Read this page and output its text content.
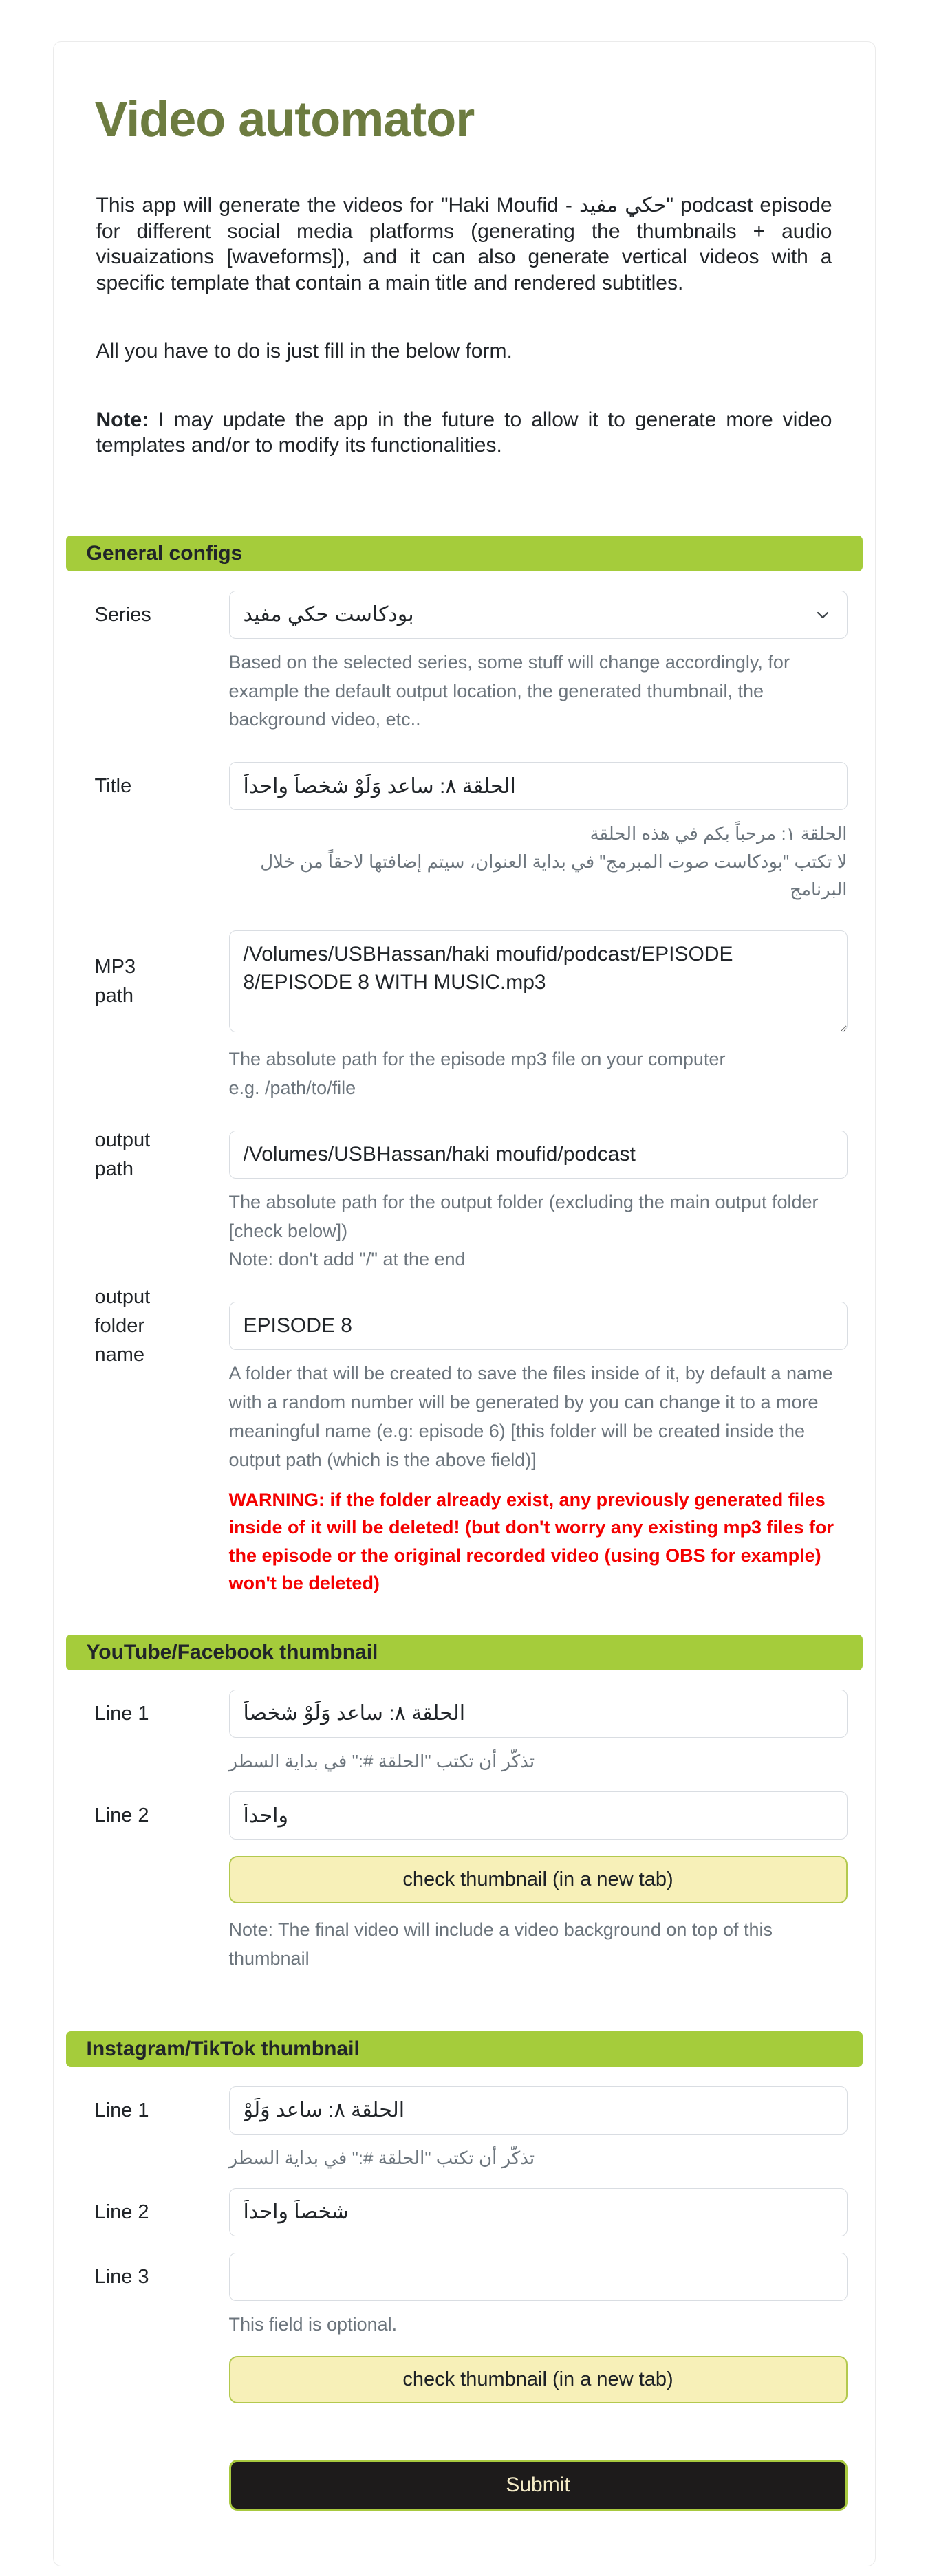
Video automator

This app will generate the videos for "Haki Moufid - حكي مفيد" podcast episode for different social media platforms (generating the thumbnails + audio visuaizations [waveforms]), and it can also generate vertical videos with a specific template that contain a main title and rendered subtitles.

All you have to do is just fill in the below form.

Note: I may update the app in the future to allow it to generate more video templates and/or to modify its functionalities.

General configs
Series
بودكاست حكي مفيد
Based on the selected series, some stuff will change accordingly, for example the default output location, the generated thumbnail, the background video, etc..
Title
الحلقة ٨: ساعد وَلَوْ شخصاً واحداً
الحلقة ١: مرحباً بكم في هذه الحلقة
لا تكتب "بودكاست صوت المبرمج" في بداية العنوان، سيتم إضافتها لاحقاً من خلال البرنامج
MP3 path
/Volumes/USBHassan/haki moufid/podcast/EPISODE 8/EPISODE 8 WITH MUSIC.mp3
The absolute path for the episode mp3 file on your computer
e.g. /path/to/file
output path
/Volumes/USBHassan/haki moufid/podcast
The absolute path for the output folder (excluding the main output folder [check below])
Note: don't add "/" at the end
output folder name
EPISODE 8
A folder that will be created to save the files inside of it, by default a name with a random number will be generated by you can change it to a more meaningful name (e.g: episode 6) [this folder will be created inside the output path (which is the above field)]
WARNING: if the folder already exist, any previously generated files inside of it will be deleted! (but don't worry any existing mp3 files for the episode or the original recorded video (using OBS for example) won't be deleted)
YouTube/Facebook thumbnail
Line 1
الحلقة ٨: ساعد وَلَوْ شخصاً
تذكّر أن تكتب "الحلقة #:" في بداية السطر
Line 2
واحداً
check thumbnail (in a new tab)
Note: The final video will include a video background on top of this thumbnail
Instagram/TikTok thumbnail
Line 1
الحلقة ٨: ساعد وَلَوْ
تذكّر أن تكتب "الحلقة #:" في بداية السطر
Line 2
شخصاً واحداً
Line 3
This field is optional.
check thumbnail (in a new tab)
Submit
